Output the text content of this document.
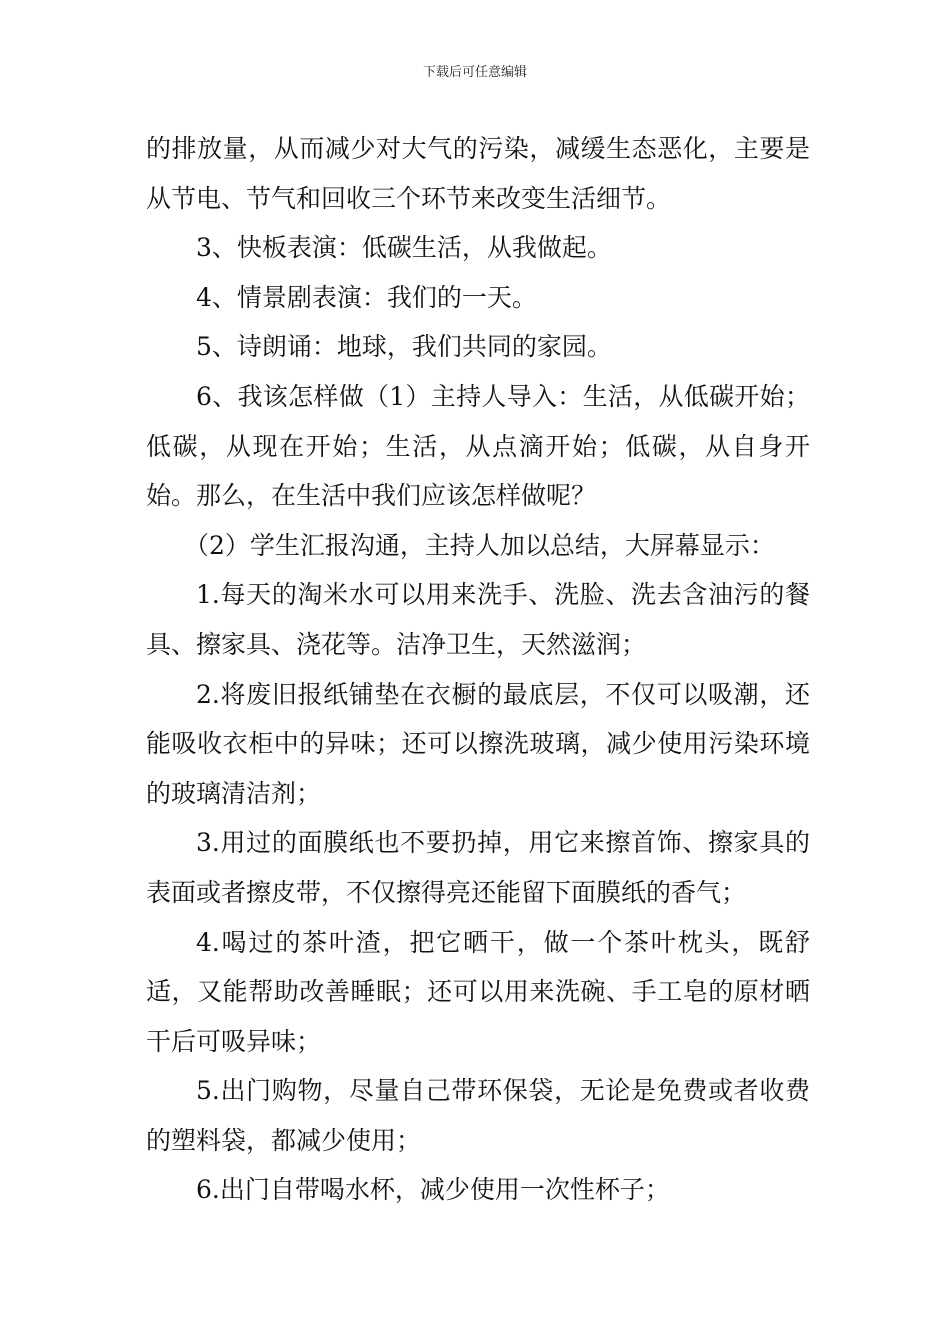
下载后可任意编辑

的排放量，从而减少对大气的污染，减缓生态恶化，主要是从节电、节气和回收三个环节来改变生活细节。

3、快板表演：低碳生活，从我做起。

4、情景剧表演：我们的一天。

5、诗朗诵：地球，我们共同的家园。

6、我该怎样做（1）主持人导入：生活，从低碳开始；低碳，从现在开始；生活，从点滴开始；低碳，从自身开始。那么，在生活中我们应该怎样做呢？

（2）学生汇报沟通，主持人加以总结，大屏幕显示：

1.每天的淘米水可以用来洗手、洗脸、洗去含油污的餐具、擦家具、浇花等。洁净卫生，天然滋润；

2.将废旧报纸铺垫在衣橱的最底层，不仅可以吸潮，还能吸收衣柜中的异味；还可以擦洗玻璃，减少使用污染环境的玻璃清洁剂；

3.用过的面膜纸也不要扔掉，用它来擦首饰、擦家具的表面或者擦皮带，不仅擦得亮还能留下面膜纸的香气；

4.喝过的茶叶渣，把它晒干，做一个茶叶枕头，既舒适，又能帮助改善睡眠；还可以用来洗碗、手工皂的原材晒干后可吸异味；

5.出门购物，尽量自己带环保袋，无论是免费或者收费的塑料袋，都减少使用；

6.出门自带喝水杯，减少使用一次性杯子；
